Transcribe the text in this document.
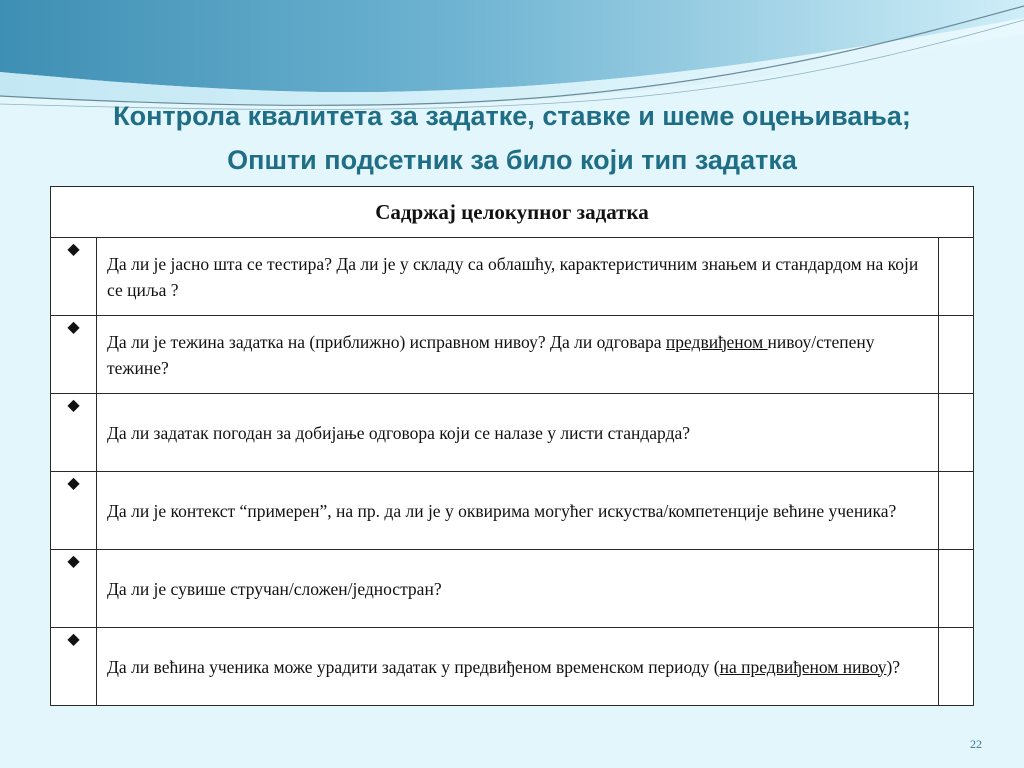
Контрола квалитета за задатке, ставке и шеме оцењивања;
Општи подсетник за било који тип задатка
Садржај целокупног задатка		
◆	Да ли је јасно шта се тестира? Да ли је у складу са облашћу, карактеристичним знањем и стандардом на који се циља ?	
◆	Да ли је тежина задатка на (приближно) исправном нивоу? Да ли одговара предвиђеном нивоу/степену тежине?	
◆	Да ли задатак погодан за добијање одговора који се налазе у листи стандарда?	
◆	Да ли је контекст “примерен”, на пр. да ли је у оквирима могућег искуства/компетенције већине ученика?	
◆	Да ли је сувише стручан/сложен/једностран?	
◆	Да ли већина ученика може урадити задатак у предвиђеном временском периоду (на предвиђеном нивоу)?	
22
